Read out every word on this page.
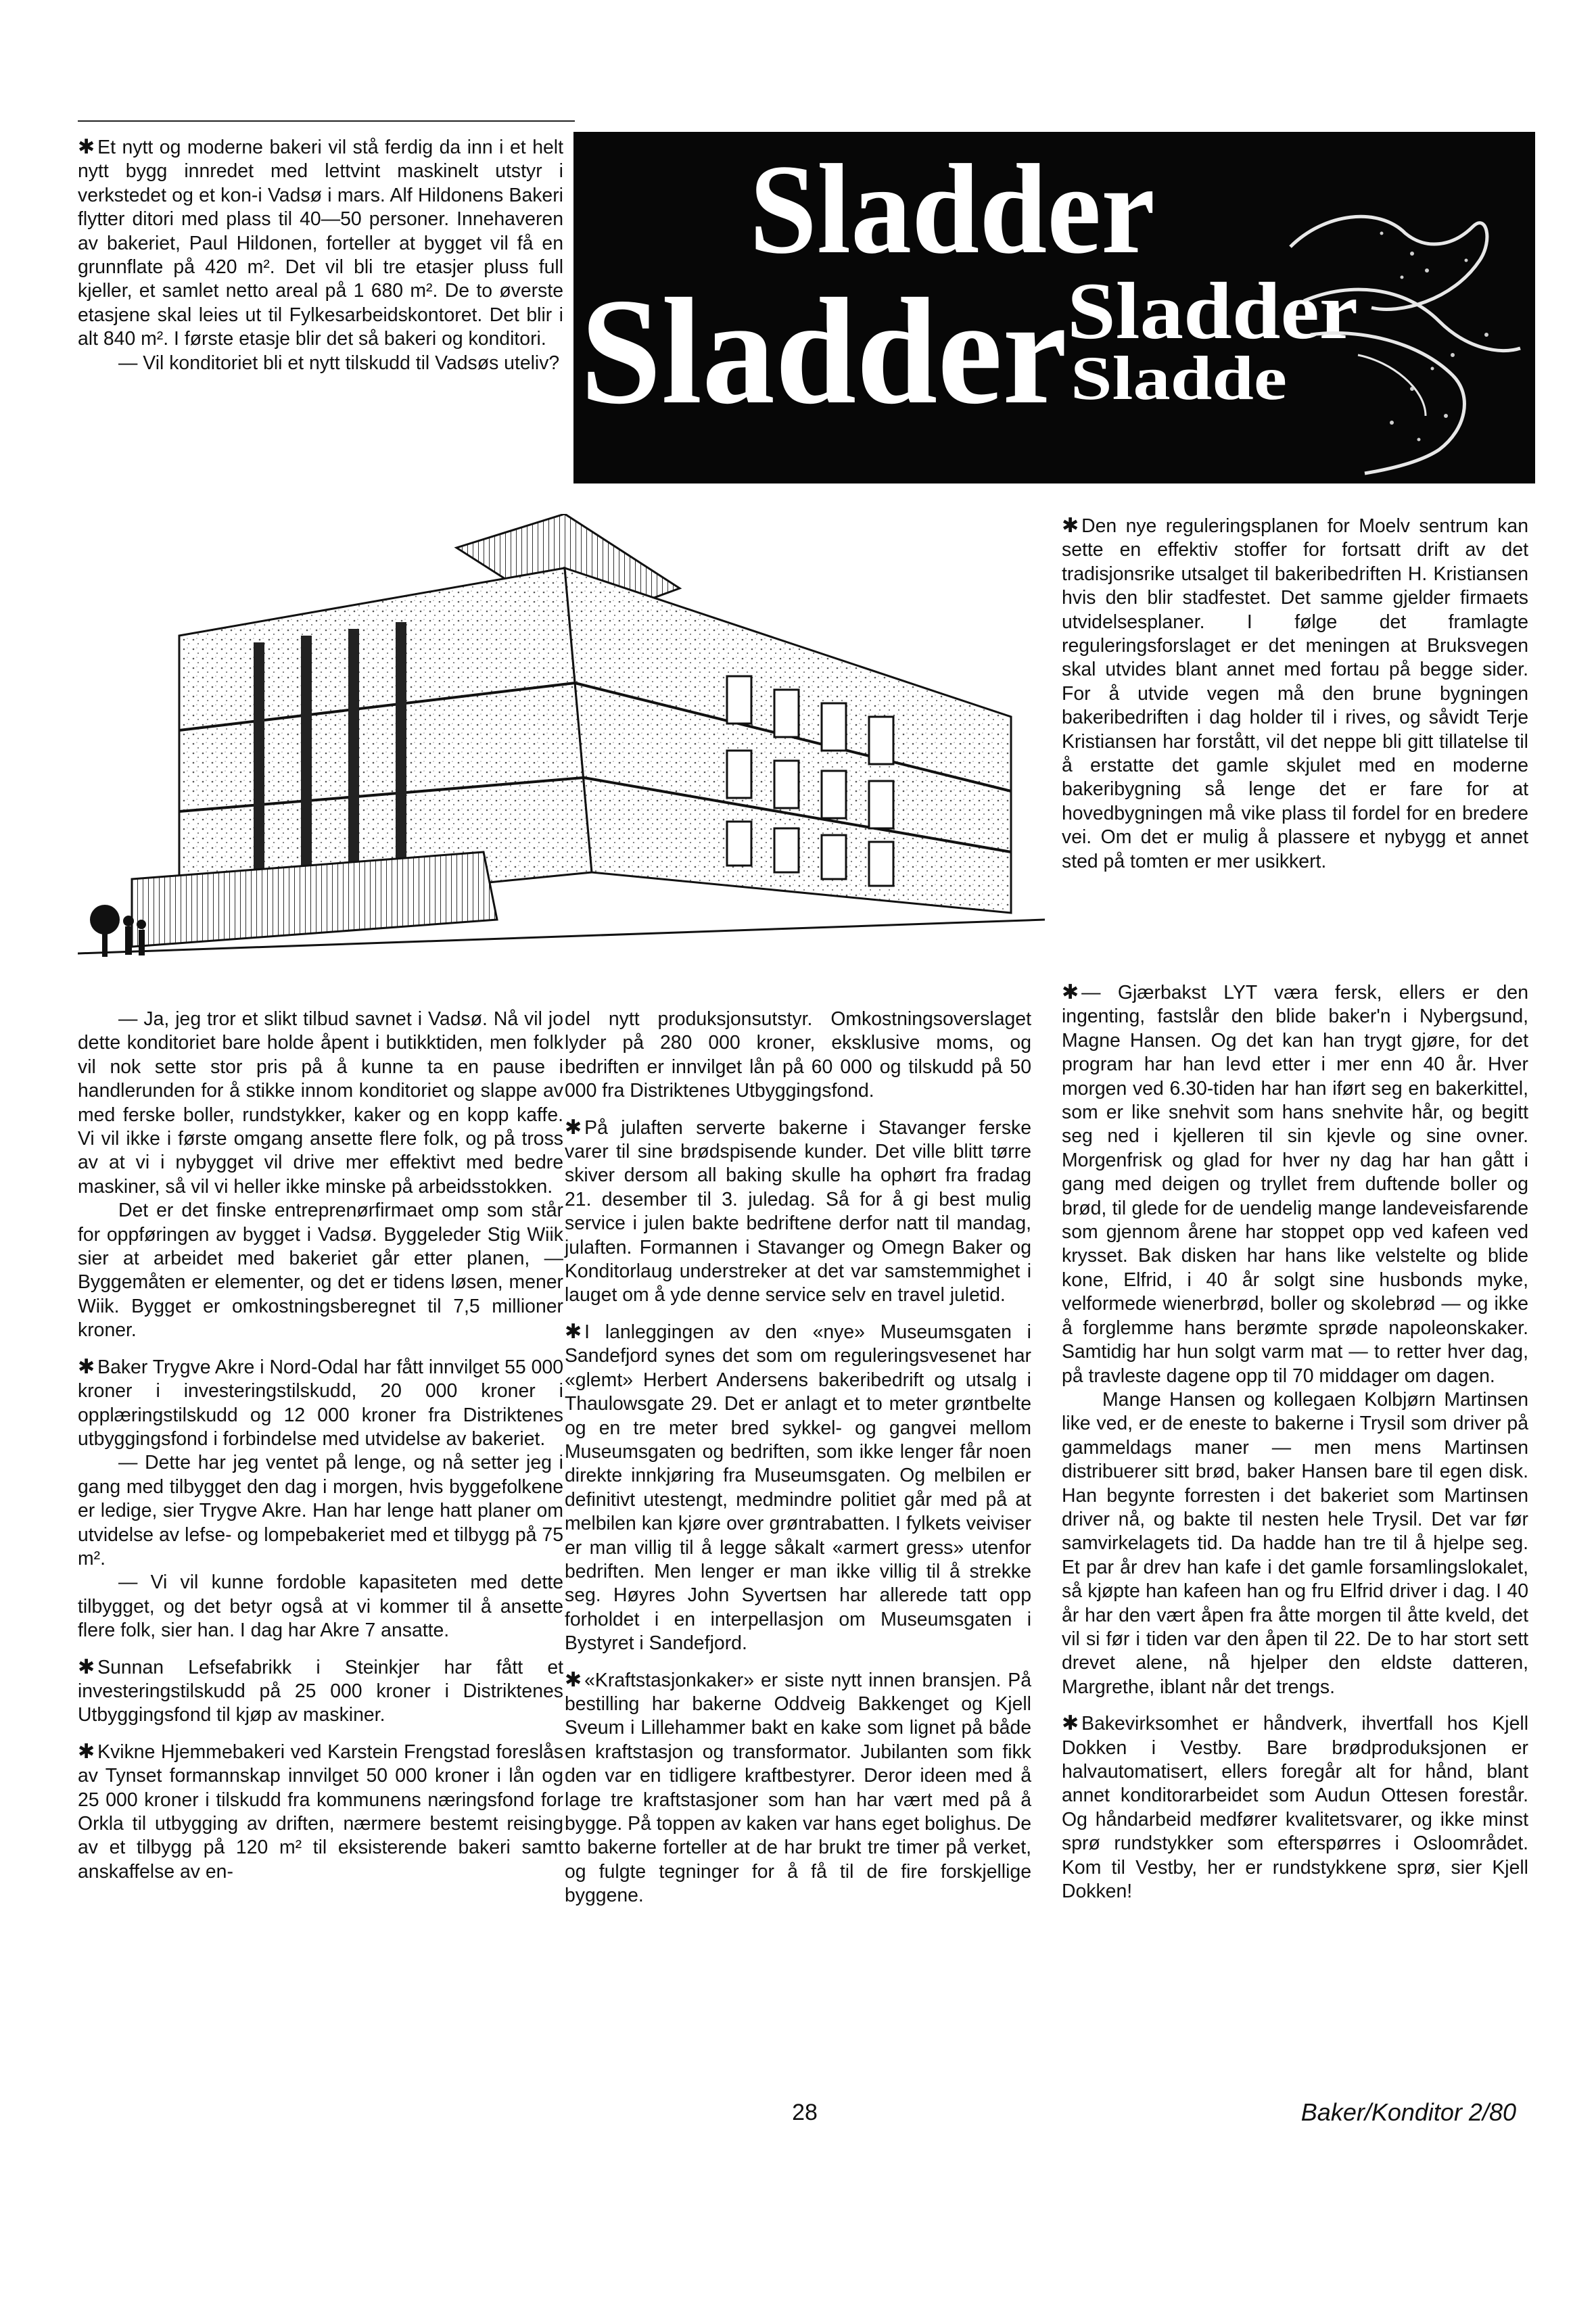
✱ Et nytt og moderne bakeri vil stå ferdig da inn i et helt nytt bygg innredet med lettvint maskinelt utstyr i verkstedet og et kon-i Vadsø i mars. Alf Hildonens Bakeri flytter ditori med plass til 40—50 personer. Innehaveren av bakeriet, Paul Hildonen, forteller at bygget vil få en grunnflate på 420 m². Det vil bli tre etasjer pluss full kjeller, et samlet netto areal på 1 680 m². De to øverste etasjene skal leies ut til Fylkesarbeidskontoret. Det blir i alt 840 m². I første etasje blir det så bakeri og konditori.

— Vil konditoriet bli et nytt tilskudd til Vadsøs uteliv?

Sladder
Sladder Sladder
Sladde

— Ja, jeg tror et slikt tilbud savnet i Vadsø. Nå vil jo dette konditoriet bare holde åpent i butikktiden, men folk vil nok sette stor pris på å kunne ta en pause i handlerunden for å stikke innom konditoriet og slappe av med ferske boller, rundstykker, kaker og en kopp kaffe. Vi vil ikke i første omgang ansette flere folk, og på tross av at vi i nybygget vil drive mer effektivt med bedre maskiner, så vil vi heller ikke minske på arbeidsstokken.

Det er det finske entreprenørfirmaet omp som står for oppføringen av bygget i Vadsø. Byggeleder Stig Wiik sier at arbeidet med bakeriet går etter planen, — Byggemåten er elementer, og det er tidens løsen, mener Wiik. Bygget er omkostningsberegnet til 7,5 millioner kroner.

✱ Baker Trygve Akre i Nord-Odal har fått innvilget 55 000 kroner i investeringstilskudd, 20 000 kroner i opplæringstilskudd og 12 000 kroner fra Distriktenes utbyggingsfond i forbindelse med utvidelse av bakeriet.

— Dette har jeg ventet på lenge, og nå setter jeg i gang med tilbygget den dag i morgen, hvis byggefolkene er ledige, sier Trygve Akre. Han har lenge hatt planer om utvidelse av lefse- og lompebakeriet med et tilbygg på 75 m².

— Vi vil kunne fordoble kapasiteten med dette tilbygget, og det betyr også at vi kommer til å ansette flere folk, sier han. I dag har Akre 7 ansatte.

✱ Sunnan Lefsefabrikk i Steinkjer har fått et investeringstilskudd på 25 000 kroner i Distriktenes Utbyggingsfond til kjøp av maskiner.

✱ Kvikne Hjemmebakeri ved Karstein Frengstad foreslås av Tynset formannskap innvilget 50 000 kroner i lån og 25 000 kroner i tilskudd fra kommunens næringsfond for Orkla til utbygging av driften, nærmere bestemt reising av et tilbygg på 120 m² til eksisterende bakeri samt anskaffelse av en-

del nytt produksjonsutstyr. Omkostningsoverslaget lyder på 280 000 kroner, eksklusive moms, og bedriften er innvilget lån på 60 000 og tilskudd på 50 000 fra Distriktenes Utbyggingsfond.

✱ På julaften serverte bakerne i Stavanger ferske varer til sine brødspisende kunder. Det ville blitt tørre skiver dersom all baking skulle ha ophørt fra fradag 21. desember til 3. juledag. Så for å gi best mulig service i julen bakte bedriftene derfor natt til mandag, julaften. Formannen i Stavanger og Omegn Baker og Konditorlaug understreker at det var samstemmighet i lauget om å yde denne service selv en travel juletid.

✱ I lanleggingen av den «nye» Museumsgaten i Sandefjord synes det som om reguleringsvesenet har «glemt» Herbert Andersens bakeribedrift og utsalg i Thaulowsgate 29. Det er anlagt et to meter grøntbelte og en tre meter bred sykkel- og gangvei mellom Museumsgaten og bedriften, som ikke lenger får noen direkte innkjøring fra Museumsgaten. Og melbilen er definitivt utestengt, medmindre politiet går med på at melbilen kan kjøre over grøntrabatten. I fylkets veiviser er man villig til å legge såkalt «armert gress» utenfor bedriften. Men lenger er man ikke villig til å strekke seg. Høyres John Syvertsen har allerede tatt opp forholdet i en interpellasjon om Museumsgaten i Bystyret i Sandefjord.

✱ «Kraftstasjonkaker» er siste nytt innen bransjen. På bestilling har bakerne Oddveig Bakkenget og Kjell Sveum i Lillehammer bakt en kake som lignet på både en kraftstasjon og transformator. Jubilanten som fikk den var en tidligere kraftbestyrer. Deror ideen med å lage tre kraftstasjoner som han har vært med på å bygge. På toppen av kaken var hans eget bolighus. De to bakerne forteller at de har brukt tre timer på verket, og fulgte tegninger for å få til de fire forskjellige byggene.

✱ Den nye reguleringsplanen for Moelv sentrum kan sette en effektiv stoffer for fortsatt drift av det tradisjonsrike utsalget til bakeribedriften H. Kristiansen hvis den blir stadfestet. Det samme gjelder firmaets utvidelsesplaner. I følge det framlagte reguleringsforslaget er det meningen at Bruksvegen skal utvides blant annet med fortau på begge sider. For å utvide vegen må den brune bygningen bakeribedriften i dag holder til i rives, og såvidt Terje Kristiansen har forstått, vil det neppe bli gitt tillatelse til å erstatte det gamle skjulet med en moderne bakeribygning så lenge det er fare for at hovedbygningen må vike plass til fordel for en bredere vei. Om det er mulig å plassere et nybygg et annet sted på tomten er mer usikkert.

✱ — Gjærbakst LYT væra fersk, ellers er den ingenting, fastslår den blide baker'n i Nybergsund, Magne Hansen. Og det kan han trygt gjøre, for det program har han levd etter i mer enn 40 år. Hver morgen ved 6.30-tiden har han iført seg en bakerkittel, som er like snehvit som hans snehvite hår, og begitt seg ned i kjelleren til sin kjevle og sine ovner. Morgenfrisk og glad for hver ny dag har han gått i gang med deigen og tryllet frem duftende boller og brød, til glede for de uendelig mange landeveisfarende som gjennom årene har stoppet opp ved kafeen ved krysset. Bak disken har hans like velstelte og blide kone, Elfrid, i 40 år solgt sine husbonds myke, velformede wienerbrød, boller og skolebrød — og ikke å forglemme hans berømte sprøde napoleonskaker. Samtidig har hun solgt varm mat — to retter hver dag, på travleste dagene opp til 70 middager om dagen.

Mange Hansen og kollegaen Kolbjørn Martinsen like ved, er de eneste to bakerne i Trysil som driver på gammeldags maner — men mens Martinsen distribuerer sitt brød, baker Hansen bare til egen disk. Han begynte forresten i det bakeriet som Martinsen driver nå, og bakte til nesten hele Trysil. Det var før samvirkelagets tid. Da hadde han tre til å hjelpe seg. Et par år drev han kafe i det gamle forsamlingslokalet, så kjøpte han kafeen han og fru Elfrid driver i dag. I 40 år har den vært åpen fra åtte morgen til åtte kveld, det vil si før i tiden var den åpen til 22. De to har stort sett drevet alene, nå hjelper den eldste datteren, Margrethe, iblant når det trengs.

✱ Bakevirksomhet er håndverk, ihvertfall hos Kjell Dokken i Vestby. Bare brødproduksjonen er halvautomatisert, ellers foregår alt for hånd, blant annet konditorarbeidet som Audun Ottesen forestår. Og håndarbeid medfører kvalitetsvarer, og ikke minst sprø rundstykker som efterspørres i Osloområdet. Kom til Vestby, her er rundstykkene sprø, sier Kjell Dokken!

28	Baker/Konditor 2/80
